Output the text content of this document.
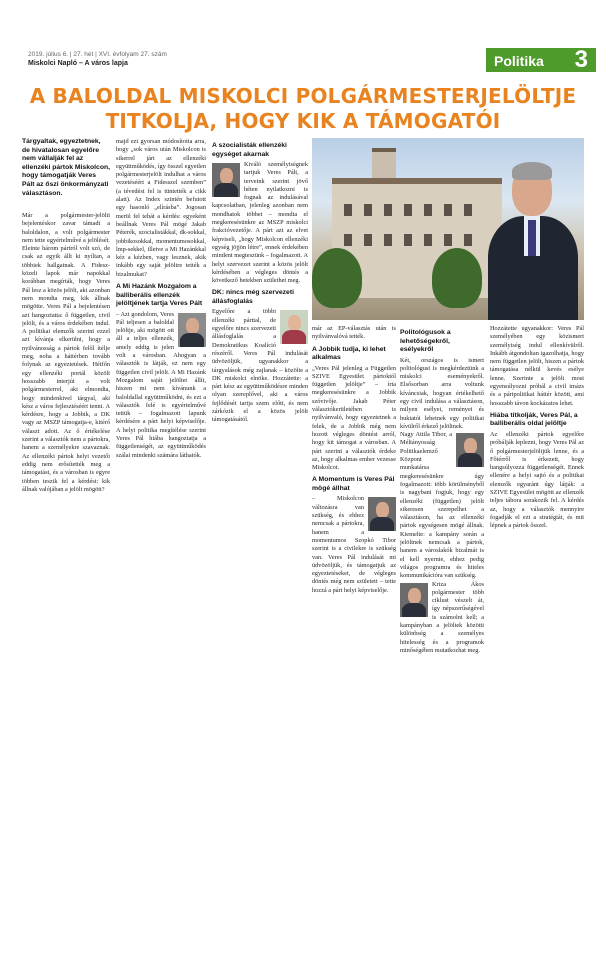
2019. július 6. | 27. hét | XVI. évfolyam 27. szám
Miskolci Napló – A város lapja	Politika 3
A BALOLDAL MISKOLCI POLGÁRMESTERJELÖLTJE TITKOLJA, HOGY KIK A TÁMOGATÓI

Tárgyaltak, egyeztetnek, de hivatalosan egyelőre nem vállalják fel az ellenzéki pártok Miskolcon, hogy támogatják Veres Pált az őszi önkormányzati választáson.

Már a polgármester-jelölti bejelentéskor zavar támadt a baloldalon, a volt polgármester nem tette egyértelművé a jelölését. Eleinte három pártról volt szó, de csak az egyik állt ki nyíltan, a többiek hallgatnak. A Fidesz-közeli lapok már napokkal korábban megírták, hogy Veres Pál lesz a közös jelölt, aki azonban nem mondta meg, kik állnak mögötte. Veres Pál a bejelentésen azt hangoztatta: ő független, civil jelölt, és a város érdekében indul. A politikai elemzők szerint ezzel azt kívánja elkerülni, hogy a nyilvánosság a pártok felől ítélje meg, noha a háttérben tovább folynak az egyeztetések. Hétfőn egy ellenzéki portál közölt hosszabb interjút a volt polgármesterrel, aki elmondta, hogy mindenkivel tárgyal, aki kész a város fejlesztéséért tenni. A kérdésre, hogy a Jobbik, a DK vagy az MSZP támogatja-e, kitérő választ adott. Az ő értékelése szerint a választók nem a pártokra, hanem a személyekre szavaznak. Az ellenzéki pártok helyi vezetői eddig nem erősítették meg a támogatást, és a városban is egyre többen teszik fel a kérdést: kik állnak valójában a jelölt mögött?

majd ezt gyorsan módosította arra, hogy „sok város után Miskolcon is sikerrel járt az ellenzéki együttműködés, így összel egyetlen polgármesterjelölt indulhat a város vezetéséért a Fidesszel szemben” (a tévedést fel is tüntették a cikk alatt). Az Index szintén befutott egy hasonló „elírásba”. Jogosan merül fel tehát a kérdés: egyeként beállnak Veres Pál mögé Jakab Péterék, szocialistákkal, dk-sokkal, jobbikosokkal, momentumosokkal, lmp-sekkel, illetve a Mi Hazánkkal kéz a kézben, vagy lesznek, akik inkább egy saját jelöltre tették a bizalmukat?

A Mi Hazánk Mozgalom a balliberális ellenzék jelöltjének tartja Veres Pált

– Azt gondolom, Veres Pál teljesen a baloldal jelöltje, aki mögött ott áll a teljes ellenzék, amely eddig is jelen volt a városban. Ahogyan a választók is látják, ez nem egy független civil jelölt. A Mi Hazánk Mozgalom saját jelöltet állít, hiszen mi nem kívánunk a baloldallal együttműködni, és ezt a választók felé is egyértelművé tettük – fogalmazott lapunk kérdésére a párt helyi képviselője. A helyi politika megítélése szerint Veres Pál hiába hangoztatja a függetlenségét, az együttműködés szálai mindenki számára láthatók.

A szocialisták ellenzéki egységet akarnak

Kiváló személyiségnek tartjuk Veres Pált, a terveink szerint jövő héten nyilatkozni is fognak az indulásával kapcsolatban, jelenleg azonban nem mondhatok többet – mondta el megkeresésünkre az MSZP miskolci frakcióvezetője. A párt azt az elvet képviseli, „hogy Miskolcon ellenzéki egység jöjjön létre”, ennek érdekében mindent megteszünk – fogalmazott. A helyi szervezet szerint a közös jelölt kérdésében a végleges döntés a következő hetekben születhet meg.

DK: nincs még szervezeti állásfoglalás

Egyelőre a többi ellenzéki párttal, de egyelőre nincs szervezeti állásfoglalás a Demokratikus Koalíció részéről. Veres Pál indulását üdvözöljük, ugyanakkor a tárgyalások még zajlanak – közölte a DK miskolci elnöke. Hozzátette: a párt kész az együttműködésre minden olyan szereplővel, aki a város fejlődését tartja szem előtt, és nem zárkózik el a közös jelölt támogatásától.

már az EP-választás után is nyilvánvalóvá tették.

A Jobbik tudja, ki lehet alkalmas

„Veres Pál jelenleg a Független SZIVE Egyesület pártoktól független jelöltje” – írta megkeresésünkre a Jobbik szóvivője. Jakab Péter választókerületében is nyilvánvaló, hogy egyeztetnek a felek, de a Jobbik még nem hozott végleges döntést arról, hogy kit támogat a városban. A párt szerint a választók érdeke az, hogy alkalmas ember vezesse Miskolcot.

A Momentum is Veres Pál mögé állhat

– Miskolcon változásra van szükség, és ehhez nemcsak a pártokra, hanem a momentumos Szopkó Tibor szerint is a civilekre is szükség van. Veres Pál indulását mi üdvözöljük, és támogatjuk az egyeztetéseket, de végleges döntés még nem született – tette hozzá a párt helyi képviselője.

Politológusok a lehetőségekről, esélyekről

Két, országos is ismert politológust is megkérdeztünk a miskolci eseményekről. Elsősorban arra voltunk kíváncsiak, hogyan értékelhető egy civil indulása a választáson, milyen esélyei, reményei és buktatói lehetnek egy politikai kívülről érkező jelöltnek.

Nagy Attila Tibor, a Méltányosság Politikaelemző Központ munkatársa megkeresésünkre úgy fogalmazott: több körülményből is nagybani fogjuk, hogy egy ellenzéki (független) jelölt sikeresen szerepelhet a választáson, ha az ellenzéki pártok egységesen mögé állnak. Kiemelte: a kampány során a jelöltnek nemcsak a pártok, hanem a városlakók bizalmát is el kell nyernie, ehhez pedig világos programra és hiteles kommunikációra van szükség.

Kriza Ákos polgármester több ciklust vészelt át, így népszerűségével is számolni kell; a kampányban a jelöltek közötti különbség a személyes hitelesség és a programok minőségében mutatkozhat meg.

Hozzátette ugyanakkor: Veres Pál személyében egy közismert személyiség indul ellenkívülről. Inkább átgondoltan igazolhatja, hogy nem független jelölt, hiszen a pártok támogatása nélkül kevés esélye lenne. Szerinte a jelölt most egyensúlyozni próbál a civil imázs és a pártpolitikai háttér között, ami hosszabb távon kockázatos lehet.

Hiába titkolják, Veres Pál, a balliberális oldal jelöltje

Az ellenzéki pártok egyelőre próbálják leplezni, hogy Veres Pál az ő polgármesterjelöltjük lenne, és a Főtérről is érkezett, hogy hangsúlyozza függetlenségét. Ennek ellenére a helyi sajtó és a politikai elemzők egyaránt úgy látják: a SZIVE Egyesület mögött az ellenzék teljes tábora sorakozik fel. A kérdés az, hogy a választók mennyire fogadják el ezt a stratégiát, és mit lépnek a pártok ősszel.
